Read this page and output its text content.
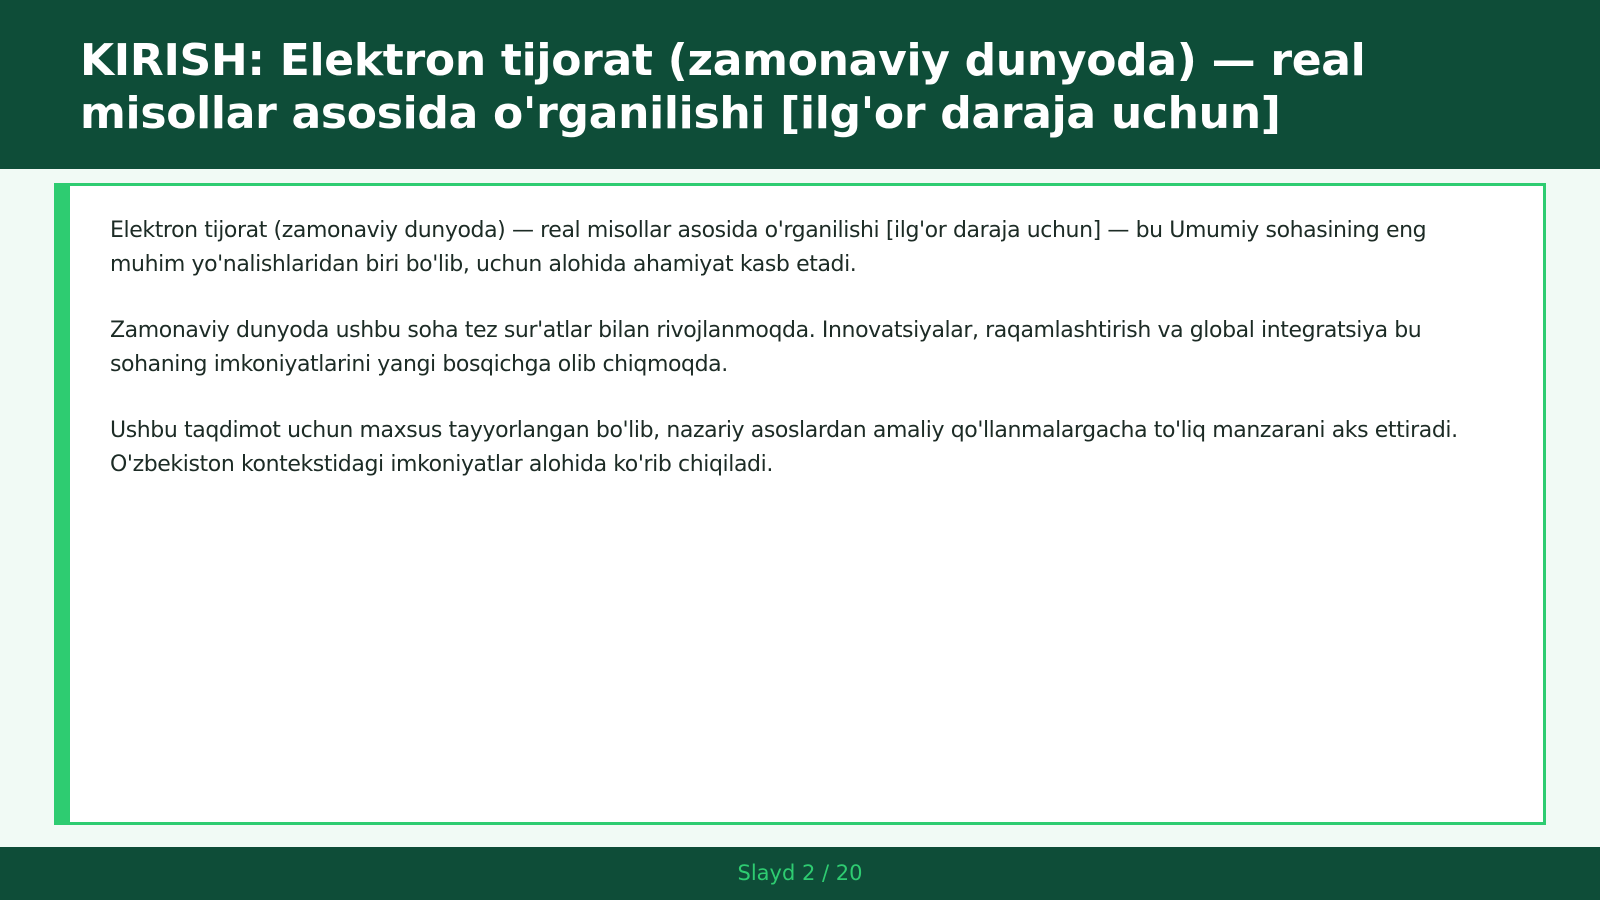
KIRISH: Elektron tijorat (zamonaviy dunyoda) — real misollar asosida o'rganilishi [ilg'or daraja uchun]

Elektron tijorat (zamonaviy dunyoda) — real misollar asosida o'rganilishi [ilg'or daraja uchun] — bu Umumiy sohasining eng muhim yo'nalishlaridan biri bo'lib, uchun alohida ahamiyat kasb etadi.

Zamonaviy dunyoda ushbu soha tez sur'atlar bilan rivojlanmoqda. Innovatsiyalar, raqamlashtirish va global integratsiya bu sohaning imkoniyatlarini yangi bosqichga olib chiqmoqda.

Ushbu taqdimot uchun maxsus tayyorlangan bo'lib, nazariy asoslardan amaliy qo'llanmalargacha to'liq manzarani aks ettiradi. O'zbekiston kontekstidagi imkoniyatlar alohida ko'rib chiqiladi.

Slayd 2 / 20
